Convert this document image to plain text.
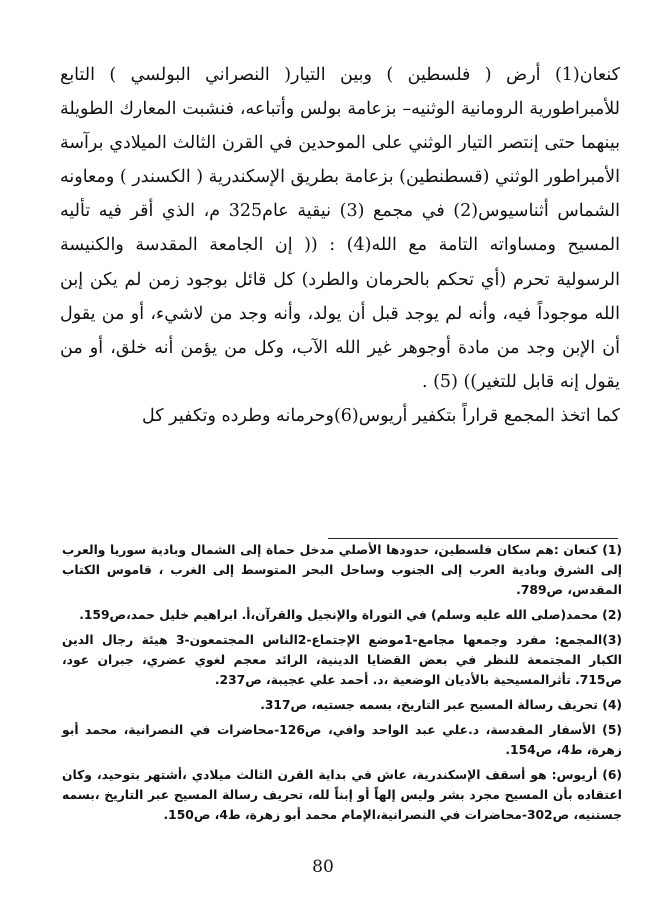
كنعان(1) أرض ( فلسطين ) وبين التيار( النصراني البولسي ) التابع للأمبراطورية الرومانية الوثنيه– بزعامة بولس وأتباعه، فنشبت المعارك الطويلة بينهما حتى إنتصر التيار الوثني على الموحدين في القرن الثالث الميلادي برآسة الأمبراطور الوثني (قسطنطين) بزعامة بطريق الإسكندرية ( الكسندر ) ومعاونه الشماس أثناسيوس(2) في مجمع (3) نيقية عام325 م، الذي أقر فيه تأليه المسيح ومساواته التامة مع الله(4) : (( إن الجامعة المقدسة والكنيسة الرسولية تحرم (أي تحكم بالحرمان والطرد) كل قائل بوجود زمن لم يكن إبن الله موجوداً فيه، وأنه لم يوجد قبل أن يولد، وأنه وجد من لاشيء، أو من يقول أن الإبن وجد من مادة أوجوهر غير الله الآب، وكل من يؤمن أنه خلق، أو من يقول إنه قابل للتغير)) (5) .

كما اتخذ المجمع قراراً بتكفير أريوس(6)وحرمانه وطرده وتكفير كل

(1) كنعان :هم سكان فلسطين، حدودها الأصلي مدخل حماة إلى الشمال وبادية سوريا والعرب إلى الشرق وبادية العرب إلى الجنوب وساحل البحر المتوسط إلى الغرب ، قاموس الكتاب المقدس، ص789.

(2) محمد(صلى الله عليه وسلم) في التوراة والإنجيل والقرآن،أ. ابراهيم خليل حمد،ص159.

(3)المجمع: مفرد وجمعها مجامع-1موضع الإجتماع-2الناس المجتمعون-3 هيئة رجال الدين الكبار المجتمعة للنظر في بعض القضايا الدينية، الرائد معجم لغوي عضري، جبران عود، ص715. تأثرالمسيحية بالأديان الوضعية ،د. أحمد علي عجيبة، ص237.

(4) تحريف رسالة المسيح عبر التاريخ، بسمه جستيه، ص317.

(5) الأسفار المقدسة، د.علي عبد الواحد وافي، ص126-محاضرات في النصرانية، محمد أبو زهرة، ط4، ص154.

(6) أريوس: هو أسقف الإسكندرية، عاش في بداية القرن الثالث ميلادي ،أشتهر بتوحيد، وكان اعتقاده بأن المسيح مجرد بشر وليس إلهاً أو إبناً لله، تحريف رسالة المسيح عبر التاريخ ،بسمه جستنيه، ص302-محاضرات في النصرانية،الإمام محمد أبو زهرة، ط4، ص150.

80
